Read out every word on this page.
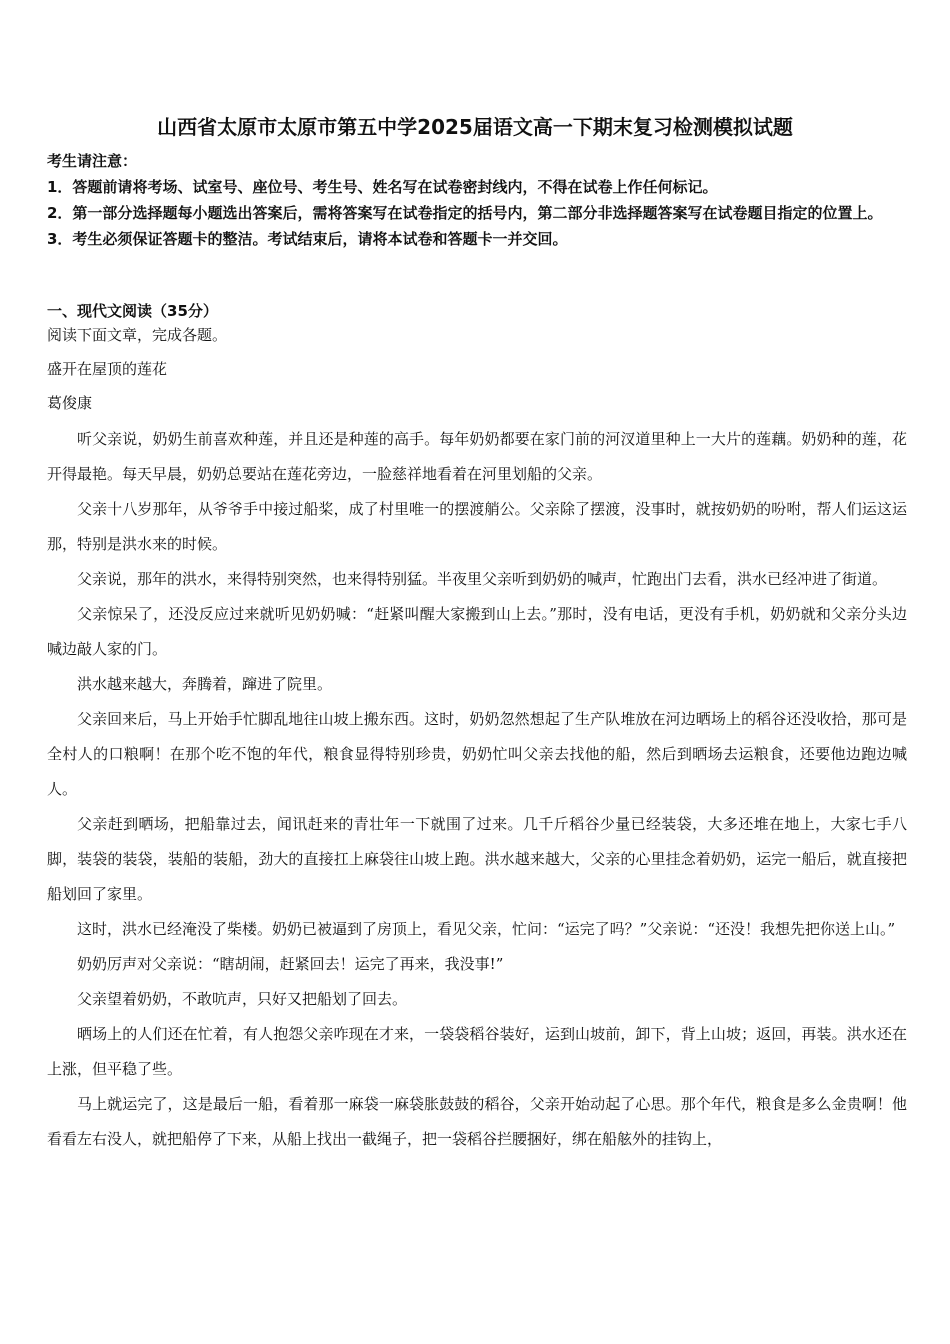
山西省太原市太原市第五中学2025届语文高一下期末复习检测模拟试题

考生请注意：

1．答题前请将考场、试室号、座位号、考生号、姓名写在试卷密封线内，不得在试卷上作任何标记。

2．第一部分选择题每小题选出答案后，需将答案写在试卷指定的括号内，第二部分非选择题答案写在试卷题目指定的位置上。

3．考生必须保证答题卡的整洁。考试结束后，请将本试卷和答题卡一并交回。

一、现代文阅读（35分）
阅读下面文章，完成各题。
盛开在屋顶的莲花
葛俊康

听父亲说，奶奶生前喜欢种莲，并且还是种莲的高手。每年奶奶都要在家门前的河汊道里种上一大片的莲藕。奶奶种的莲，花开得最艳。每天早晨，奶奶总要站在莲花旁边，一脸慈祥地看着在河里划船的父亲。

父亲十八岁那年，从爷爷手中接过船桨，成了村里唯一的摆渡艄公。父亲除了摆渡，没事时，就按奶奶的吩咐，帮人们运这运那，特别是洪水来的时候。

父亲说，那年的洪水，来得特别突然，也来得特别猛。半夜里父亲听到奶奶的喊声，忙跑出门去看，洪水已经冲进了街道。

父亲惊呆了，还没反应过来就听见奶奶喊：“赶紧叫醒大家搬到山上去。”那时，没有电话，更没有手机，奶奶就和父亲分头边喊边敲人家的门。

洪水越来越大，奔腾着，蹿进了院里。

父亲回来后，马上开始手忙脚乱地往山坡上搬东西。这时，奶奶忽然想起了生产队堆放在河边晒场上的稻谷还没收拾，那可是全村人的口粮啊！在那个吃不饱的年代，粮食显得特别珍贵，奶奶忙叫父亲去找他的船，然后到晒场去运粮食，还要他边跑边喊人。

父亲赶到晒场，把船靠过去，闻讯赶来的青壮年一下就围了过来。几千斤稻谷少量已经装袋，大多还堆在地上，大家七手八脚，装袋的装袋，装船的装船，劲大的直接扛上麻袋往山坡上跑。洪水越来越大，父亲的心里挂念着奶奶，运完一船后，就直接把船划回了家里。

这时，洪水已经淹没了柴楼。奶奶已被逼到了房顶上，看见父亲，忙问：“运完了吗？”父亲说：“还没！我想先把你送上山。”

奶奶厉声对父亲说：“瞎胡闹，赶紧回去！运完了再来，我没事!”

父亲望着奶奶，不敢吭声，只好又把船划了回去。

晒场上的人们还在忙着，有人抱怨父亲咋现在才来，一袋袋稻谷装好，运到山坡前，卸下，背上山坡；返回，再装。洪水还在上涨，但平稳了些。

马上就运完了，这是最后一船，看着那一麻袋一麻袋胀鼓鼓的稻谷，父亲开始动起了心思。那个年代，粮食是多么金贵啊！他看看左右没人，就把船停了下来，从船上找出一截绳子，把一袋稻谷拦腰捆好，绑在船舷外的挂钩上，
